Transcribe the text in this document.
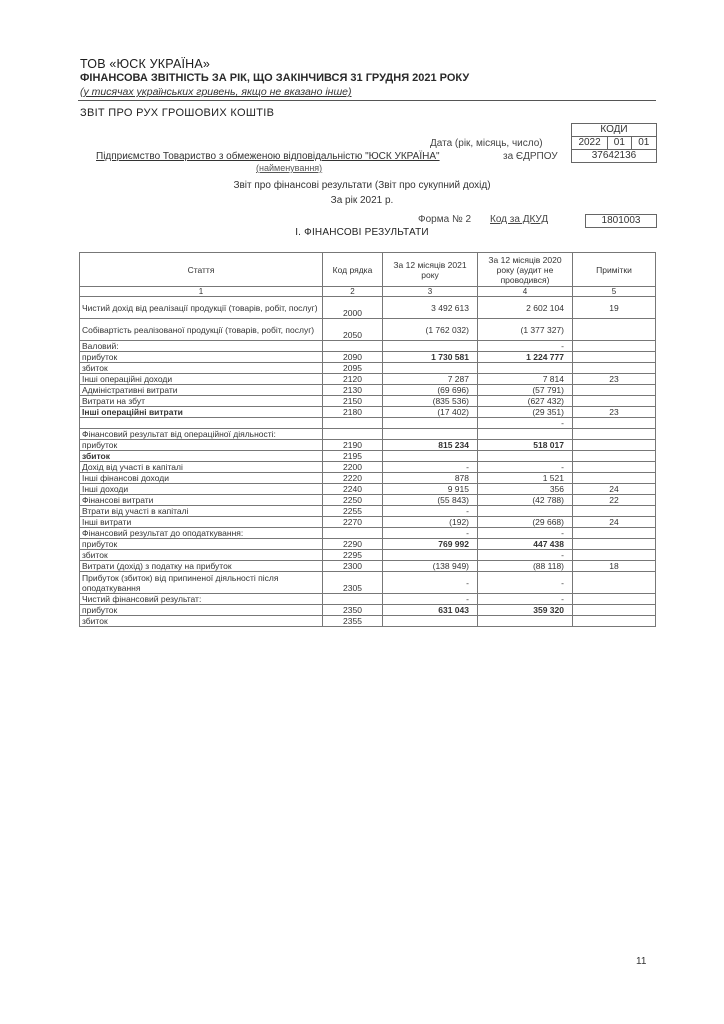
ТОВ «ЮСК УКРАЇНА»
ФІНАНСОВА ЗВІТНІСТЬ ЗА РІК, ЩО ЗАКІНЧИВСЯ 31 ГРУДНЯ 2021 РОКУ
(у тисячах українських гривень, якщо не вказано інше)
ЗВІТ ПРО РУХ ГРОШОВИХ КОШТІВ
КОДИ
2022	01	01
37642136
Дата (рік, місяць, число)
Підприємство Товариство з обмеженою відповідальністю "ЮСК УКРАЇНА"	за ЄДРПОУ
(найменування)
Звіт про фінансові результати (Звіт про сукупний дохід)
За рік 2021 р.
Форма № 2 Код за ДКУД	1801003
І. ФІНАНСОВІ РЕЗУЛЬТАТИ
Стаття	Код рядка	За 12 місяців 2021 року	За 12 місяців 2020 року (аудит не проводився)	Примітки
1	2	3	4	5
Чистий дохід від реалізації продукції (товарів, робіт, послуг)	2000	3 492 613	2 602 104	19
Собівартість реалізованої продукції (товарів, робіт, послуг)	2050	(1 762 032)	(1 377 327)	
Валовий:			-	
прибуток	2090	1 730 581	1 224 777	
збиток	2095			
Інші операційні доходи	2120	7 287	7 814	23
Адміністративні витрати	2130	(69 696)	(57 791)	
Витрати на збут	2150	(835 536)	(627 432)	
Інші операційні витрати	2180	(17 402)	(29 351)	23
			-	
Фінансовий результат від операційної діяльності:				
прибуток	2190	815 234	518 017	
збиток	2195			
Дохід від участі в капіталі	2200	-	-	
Інші фінансові доходи	2220	878	1 521	
Інші доходи	2240	9 915	356	24
Фінансові витрати	2250	(55 843)	(42 788)	22
Втрати від участі в капіталі	2255	-		
Інші витрати	2270	(192)	(29 668)	24
Фінансовий результат до оподаткування:		-	-	
прибуток	2290	769 992	447 438	
збиток	2295		-	
Витрати (дохід) з податку на прибуток	2300	(138 949)	(88 118)	18
Прибуток (збиток) від припиненої діяльності після оподаткування	2305	-	-	
Чистий фінансовий результат:		-	-	
прибуток	2350	631 043	359 320	
збиток	2355			
11
